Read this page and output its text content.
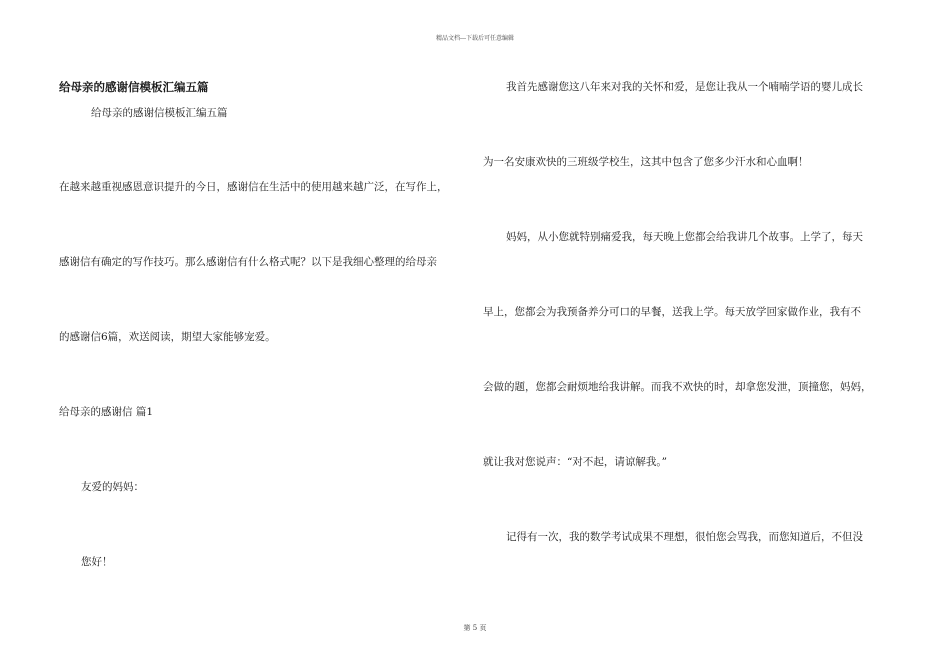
精品文档---下载后可任意编辑
给母亲的感谢信模板汇编五篇
给母亲的感谢信模板汇编五篇
在越来越重视感恩意识提升的今日，感谢信在生活中的使用越来越广泛，在写作上，
感谢信有确定的写作技巧。那么感谢信有什么格式呢？以下是我细心整理的给母亲
的感谢信6篇，欢送阅读，期望大家能够宠爱。
给母亲的感谢信 篇1
友爱的妈妈：
您好！
我首先感谢您这八年来对我的关怀和爱，是您让我从一个喃喃学语的婴儿成长
为一名安康欢快的三班级学校生，这其中包含了您多少汗水和心血啊！
妈妈，从小您就特别痛爱我，每天晚上您都会给我讲几个故事。上学了，每天
早上，您都会为我预备养分可口的早餐，送我上学。每天放学回家做作业，我有不
会做的题，您都会耐烦地给我讲解。而我不欢快的时，却拿您发泄，顶撞您，妈妈，
就让我对您说声：“对不起，请谅解我。”
记得有一次，我的数学考试成果不理想，很怕您会骂我，而您知道后，不但没
第 5 页
